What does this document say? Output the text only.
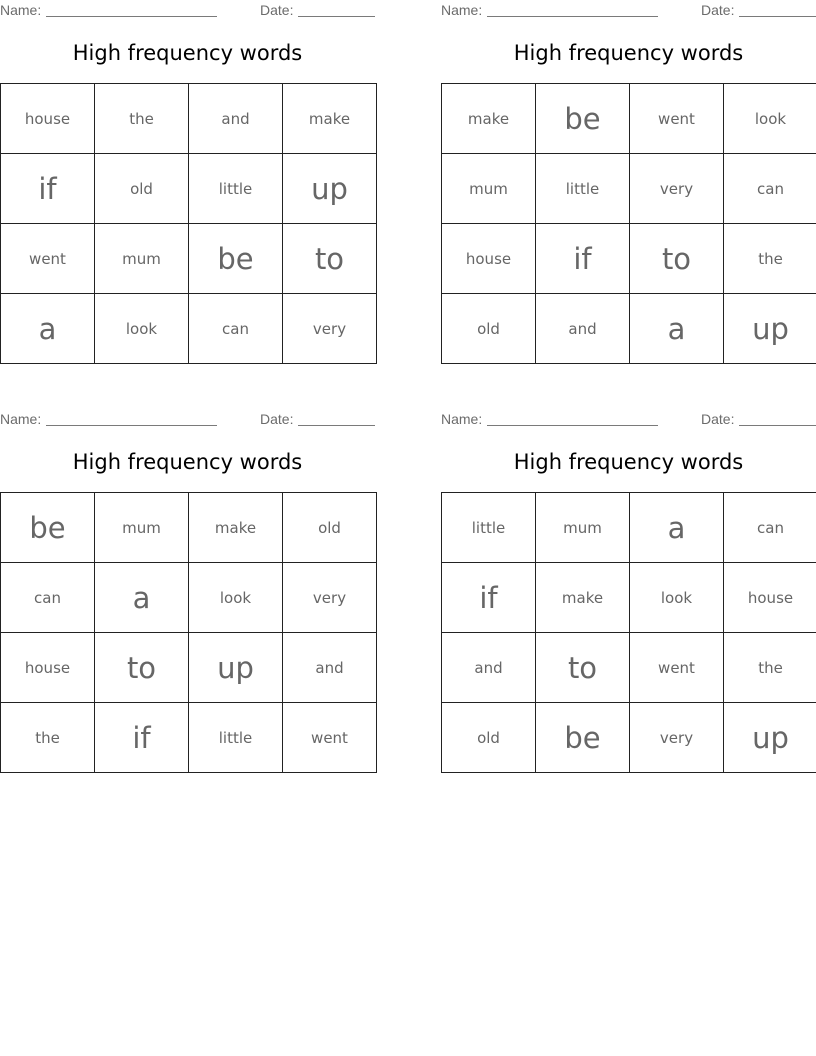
Name:	Date:
High frequency words
house	the	and	make
if	old	little	up
went	mum	be	to
a	look	can	very
Name:	Date:
High frequency words
make	be	went	look
mum	little	very	can
house	if	to	the
old	and	a	up
Name:	Date:
High frequency words
be	mum	make	old
can	a	look	very
house	to	up	and
the	if	little	went
Name:	Date:
High frequency words
little	mum	a	can
if	make	look	house
and	to	went	the
old	be	very	up
